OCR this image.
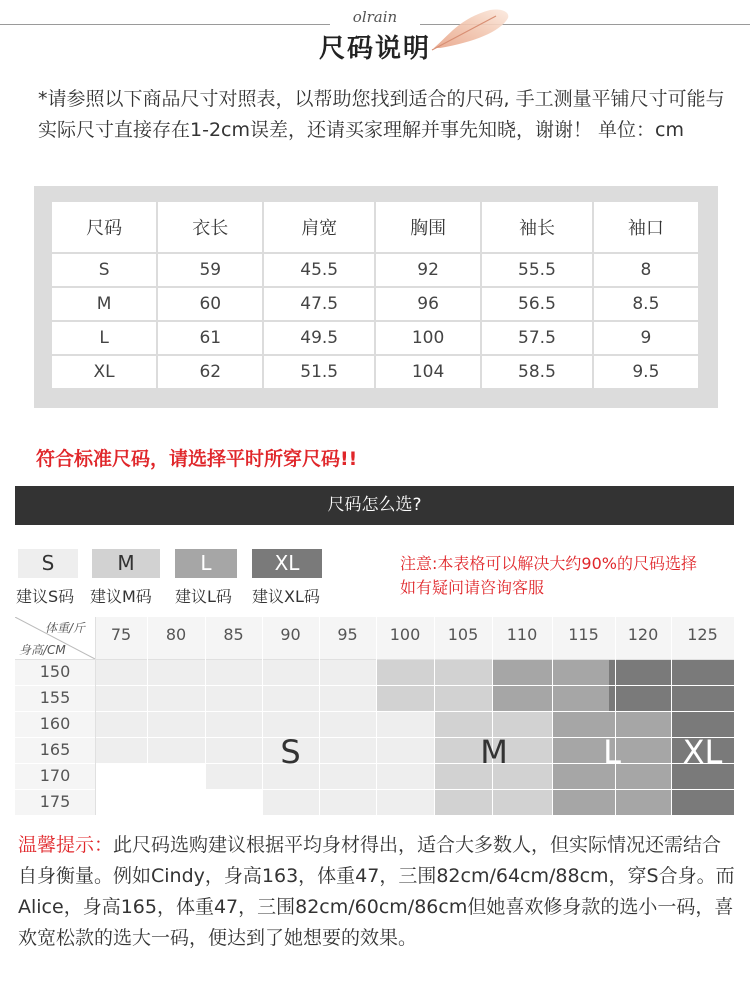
olrain
尺码说明
*请参照以下商品尺寸对照表，以帮助您找到适合的尺码, 手工测量平铺尺寸可能与实际尺寸直接存在1-2cm误差，还请买家理解并事先知晓，谢谢！ 单位：cm
尺码	衣长	肩宽	胸围	袖长	袖口
S	59	45.5	92	55.5	8
M	60	47.5	96	56.5	8.5
L	61	49.5	100	57.5	9
XL	62	51.5	104	58.5	9.5
符合标准尺码，请选择平时所穿尺码!!
尺码怎么选?
S	M	L	XL
建议S码 建议M码 建议L码 建议XL码
注意:本表格可以解决大约90%的尺码选择
如有疑问请咨询客服
体重/斤
身高/CM
75	80	85	90	95	100	105	110	115	120	125
150
155
160
165
170
175
S	M	L	XL
温馨提示：此尺码选购建议根据平均身材得出，适合大多数人，但实际情况还需结合自身衡量。例如Cindy，身高163，体重47，三围82cm/64cm/88cm，穿S合身。而Alice，身高165，体重47，三围82cm/60cm/86cm但她喜欢修身款的选小一码，喜欢宽松款的选大一码，便达到了她想要的效果。
